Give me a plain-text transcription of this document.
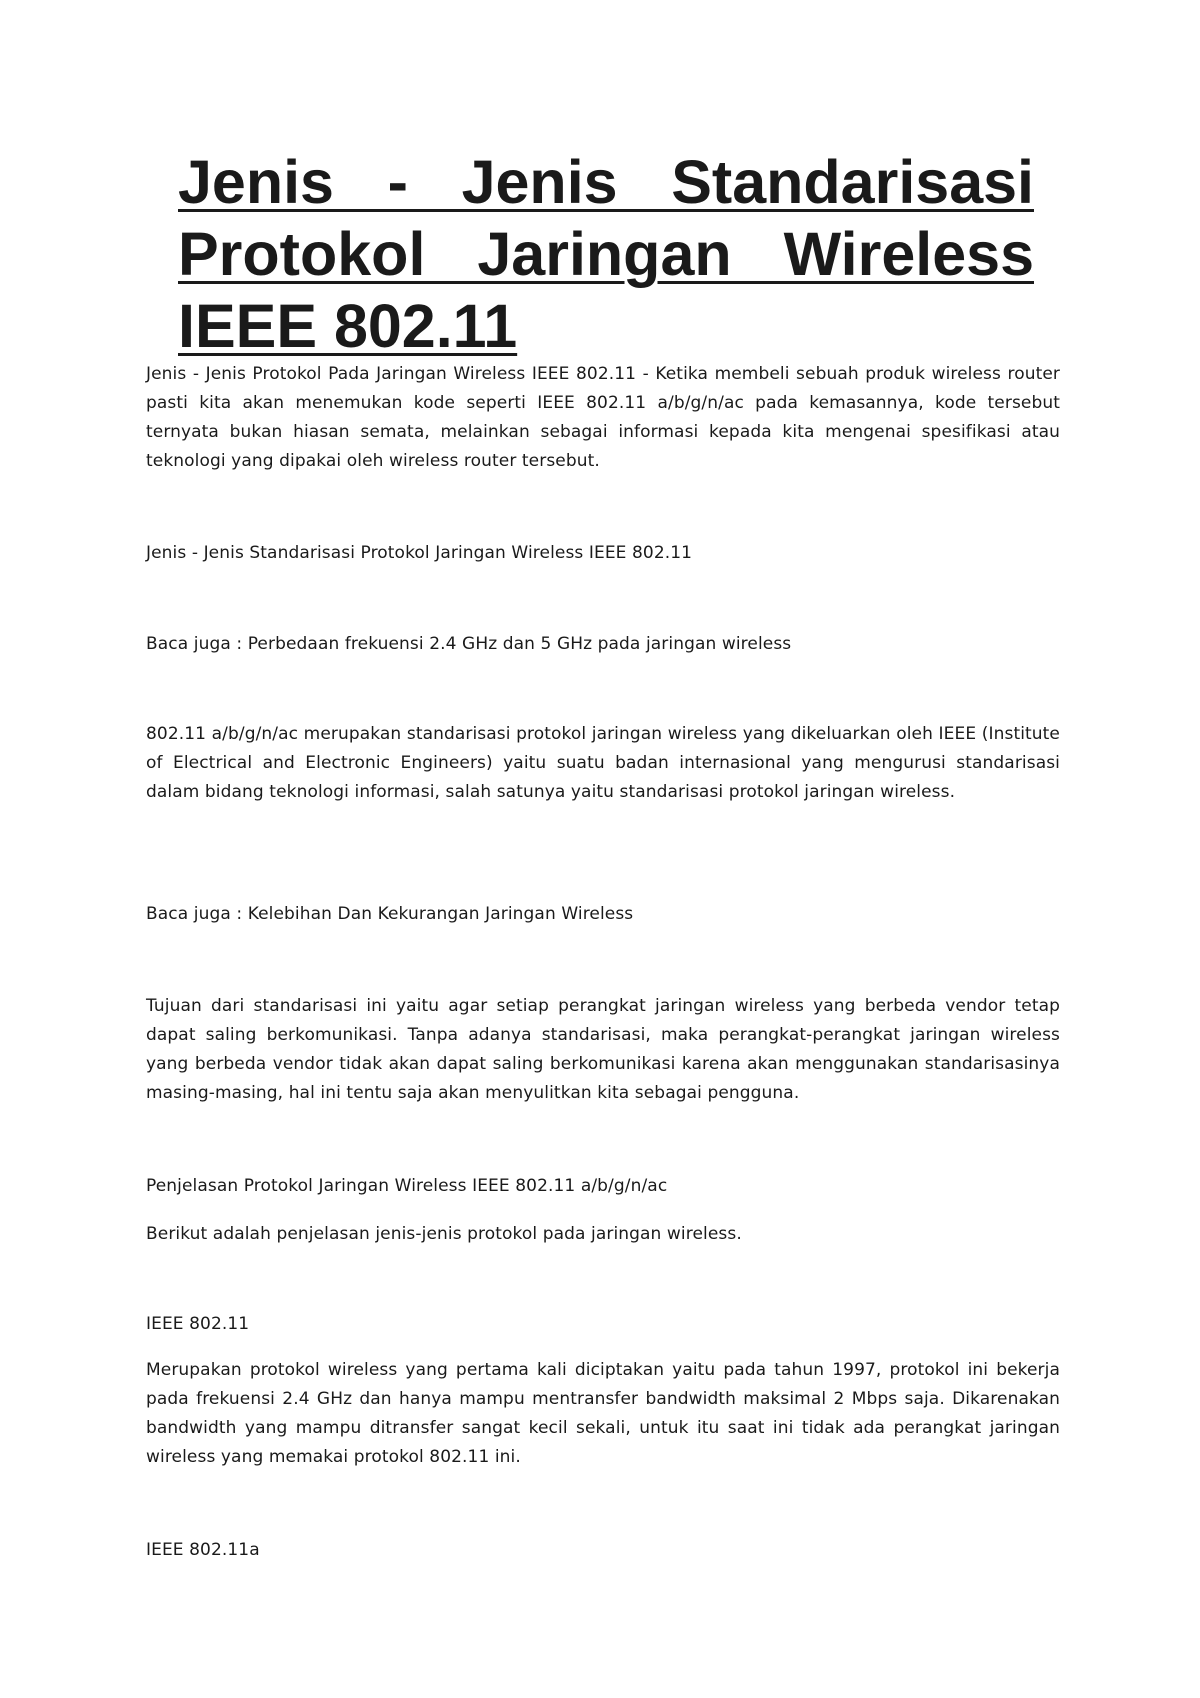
Jenis - Jenis Standarisasi Protokol Jaringan Wireless IEEE 802.11

Jenis - Jenis Protokol Pada Jaringan Wireless IEEE 802.11 - Ketika membeli sebuah produk wireless router pasti kita akan menemukan kode seperti IEEE 802.11 a/b/g/n/ac pada kemasannya, kode tersebut ternyata bukan hiasan semata, melainkan sebagai informasi kepada kita mengenai spesifikasi atau teknologi yang dipakai oleh wireless router tersebut.

Jenis - Jenis Standarisasi Protokol Jaringan Wireless IEEE 802.11

Baca juga : Perbedaan frekuensi 2.4 GHz dan 5 GHz pada jaringan wireless

802.11 a/b/g/n/ac merupakan standarisasi protokol jaringan wireless yang dikeluarkan oleh IEEE (Institute of Electrical and Electronic Engineers) yaitu suatu badan internasional yang mengurusi standarisasi dalam bidang teknologi informasi, salah satunya yaitu standarisasi protokol jaringan wireless.

Baca juga : Kelebihan Dan Kekurangan Jaringan Wireless

Tujuan dari standarisasi ini yaitu agar setiap perangkat jaringan wireless yang berbeda vendor tetap dapat saling berkomunikasi. Tanpa adanya standarisasi, maka perangkat-perangkat jaringan wireless yang berbeda vendor tidak akan dapat saling berkomunikasi karena akan menggunakan standarisasinya masing-masing, hal ini tentu saja akan menyulitkan kita sebagai pengguna.

Penjelasan Protokol Jaringan Wireless IEEE 802.11 a/b/g/n/ac

Berikut adalah penjelasan jenis-jenis protokol pada jaringan wireless.

IEEE 802.11

Merupakan protokol wireless yang pertama kali diciptakan yaitu pada tahun 1997, protokol ini bekerja pada frekuensi 2.4 GHz dan hanya mampu mentransfer bandwidth maksimal 2 Mbps saja. Dikarenakan bandwidth yang mampu ditransfer sangat kecil sekali, untuk itu saat ini tidak ada perangkat jaringan wireless yang memakai protokol 802.11 ini.

IEEE 802.11a
